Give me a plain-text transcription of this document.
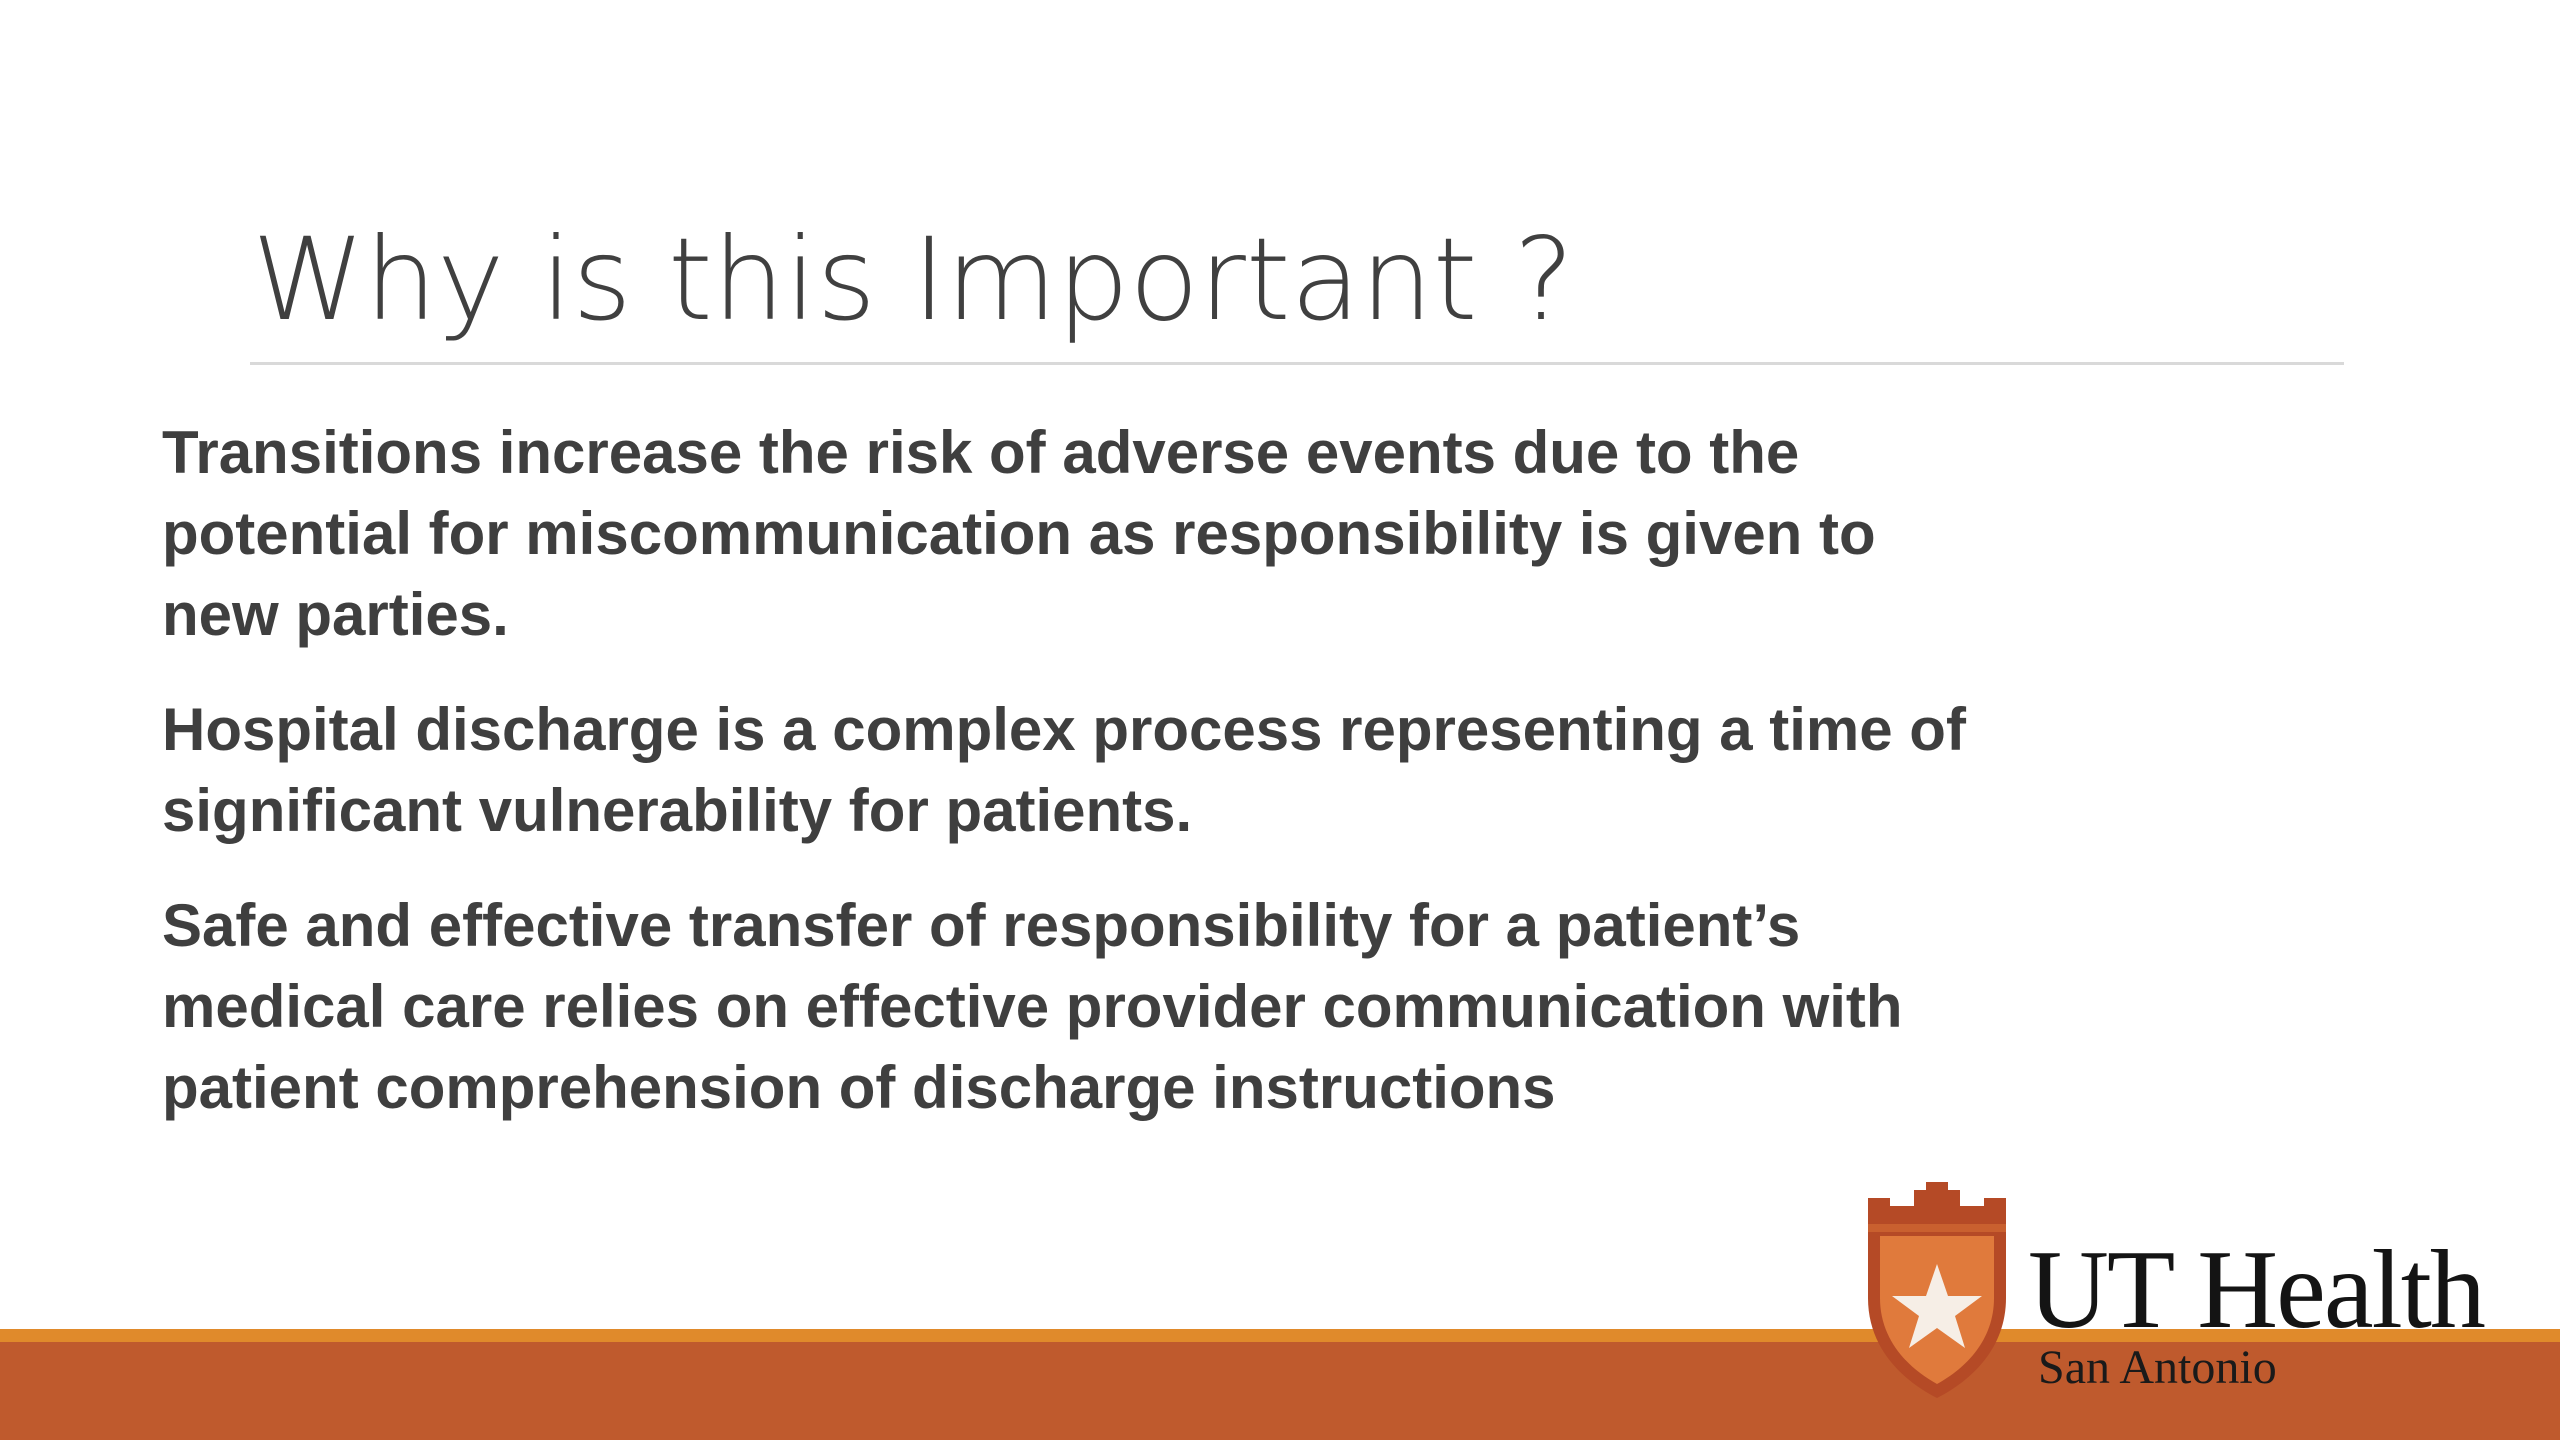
Why is this Important ?

Transitions increase the risk of adverse events due to the potential for miscommunication as responsibility is given to new parties.

Hospital discharge is a complex process representing a time of significant vulnerability for patients.

Safe and effective transfer of responsibility for a patient’s medical care relies on effective provider communication with patient comprehension of discharge instructions

UT Health
San Antonio
